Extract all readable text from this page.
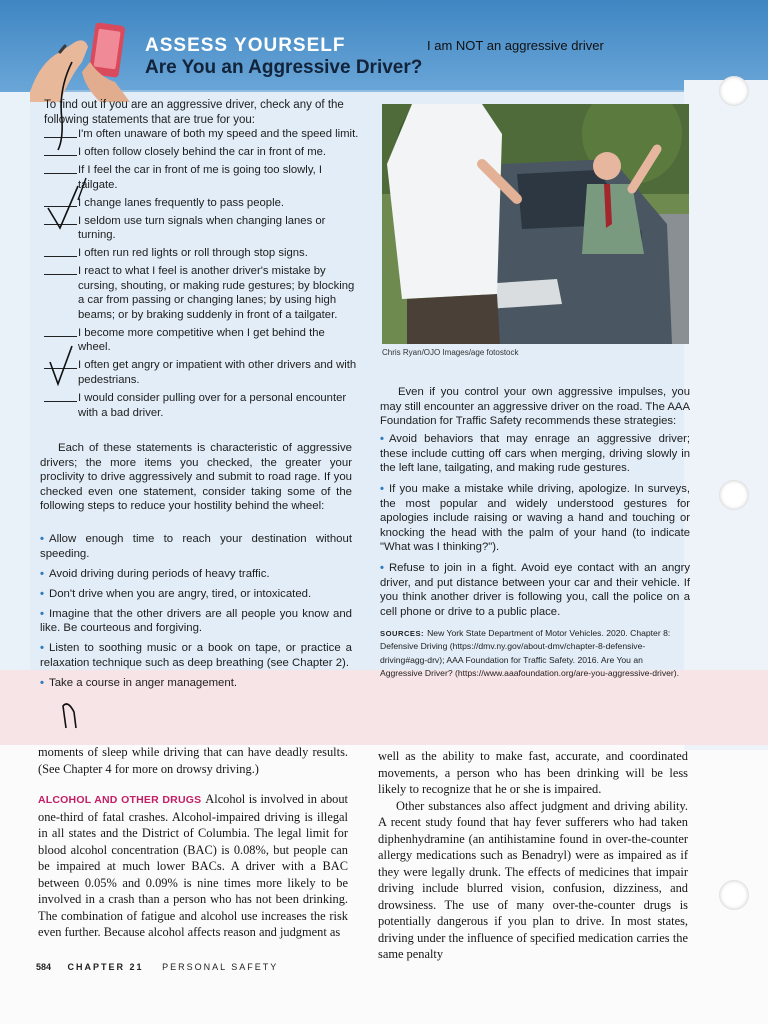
ASSESS YOURSELF
Are You an Aggressive Driver?
I am NOT an aggressive driver

To find out if you are an aggressive driver, check any of the following statements that are true for you:

I'm often unaware of both my speed and the speed limit.
I often follow closely behind the car in front of me.
If I feel the car in front of me is going too slowly, I tailgate.
I change lanes frequently to pass people.
I seldom use turn signals when changing lanes or turning.
I often run red lights or roll through stop signs.
I react to what I feel is another driver's mistake by cursing, shouting, or making rude gestures; by blocking a car from passing or changing lanes; by using high beams; or by braking suddenly in front of a tailgater.
I become more competitive when I get behind the wheel.
I often get angry or impatient with other drivers and with pedestrians.
I would consider pulling over for a personal encounter with a bad driver.

Each of these statements is characteristic of aggressive drivers; the more items you checked, the greater your proclivity to drive aggressively and submit to road rage. If you checked even one statement, consider taking some of the following steps to reduce your hostility behind the wheel:

• Allow enough time to reach your destination without speeding.
• Avoid driving during periods of heavy traffic.
• Don't drive when you are angry, tired, or intoxicated.
• Imagine that the other drivers are all people you know and like. Be courteous and forgiving.
• Listen to soothing music or a book on tape, or practice a relaxation technique such as deep breathing (see Chapter 2).
• Take a course in anger management.
Chris Ryan/OJO Images/age fotostock

Even if you control your own aggressive impulses, you may still encounter an aggressive driver on the road. The AAA Foundation for Traffic Safety recommends these strategies:

• Avoid behaviors that may enrage an aggressive driver; these include cutting off cars when merging, driving slowly in the left lane, tailgating, and making rude gestures.
• If you make a mistake while driving, apologize. In surveys, the most popular and widely understood gestures for apologies include raising or waving a hand and touching or knocking the head with the palm of your hand (to indicate "What was I thinking?").
• Refuse to join in a fight. Avoid eye contact with an angry driver, and put distance between your car and their vehicle. If you think another driver is following you, call the police on a cell phone or drive to a public place.

SOURCES: New York State Department of Motor Vehicles. 2020. Chapter 8: Defensive Driving (https://dmv.ny.gov/about-dmv/chapter-8-defensive-driving#agg-drv); AAA Foundation for Traffic Safety. 2016. Are You an Aggressive Driver? (https://www.aaafoundation.org/are-you-aggressive-driver).

moments of sleep while driving that can have deadly results. (See Chapter 4 for more on drowsy driving.)

ALCOHOL AND OTHER DRUGS Alcohol is involved in about one-third of fatal crashes. Alcohol-impaired driving is illegal in all states and the District of Columbia. The legal limit for blood alcohol concentration (BAC) is 0.08%, but people can be impaired at much lower BACs. A driver with a BAC between 0.05% and 0.09% is nine times more likely to be involved in a crash than a person who has not been drinking. The combination of fatigue and alcohol use increases the risk even further. Because alcohol affects reason and judgment as

well as the ability to make fast, accurate, and coordinated movements, a person who has been drinking will be less likely to recognize that he or she is impaired.

Other substances also affect judgment and driving ability. A recent study found that hay fever sufferers who had taken diphenhydramine (an antihistamine found in over-the-counter allergy medications such as Benadryl) were as impaired as if they were legally drunk. The effects of medicines that impair driving include blurred vision, confusion, dizziness, and drowsiness. The use of many over-the-counter drugs is potentially dangerous if you plan to drive. In most states, driving under the influence of specified medication carries the same penalty

584 CHAPTER 21 PERSONAL SAFETY
